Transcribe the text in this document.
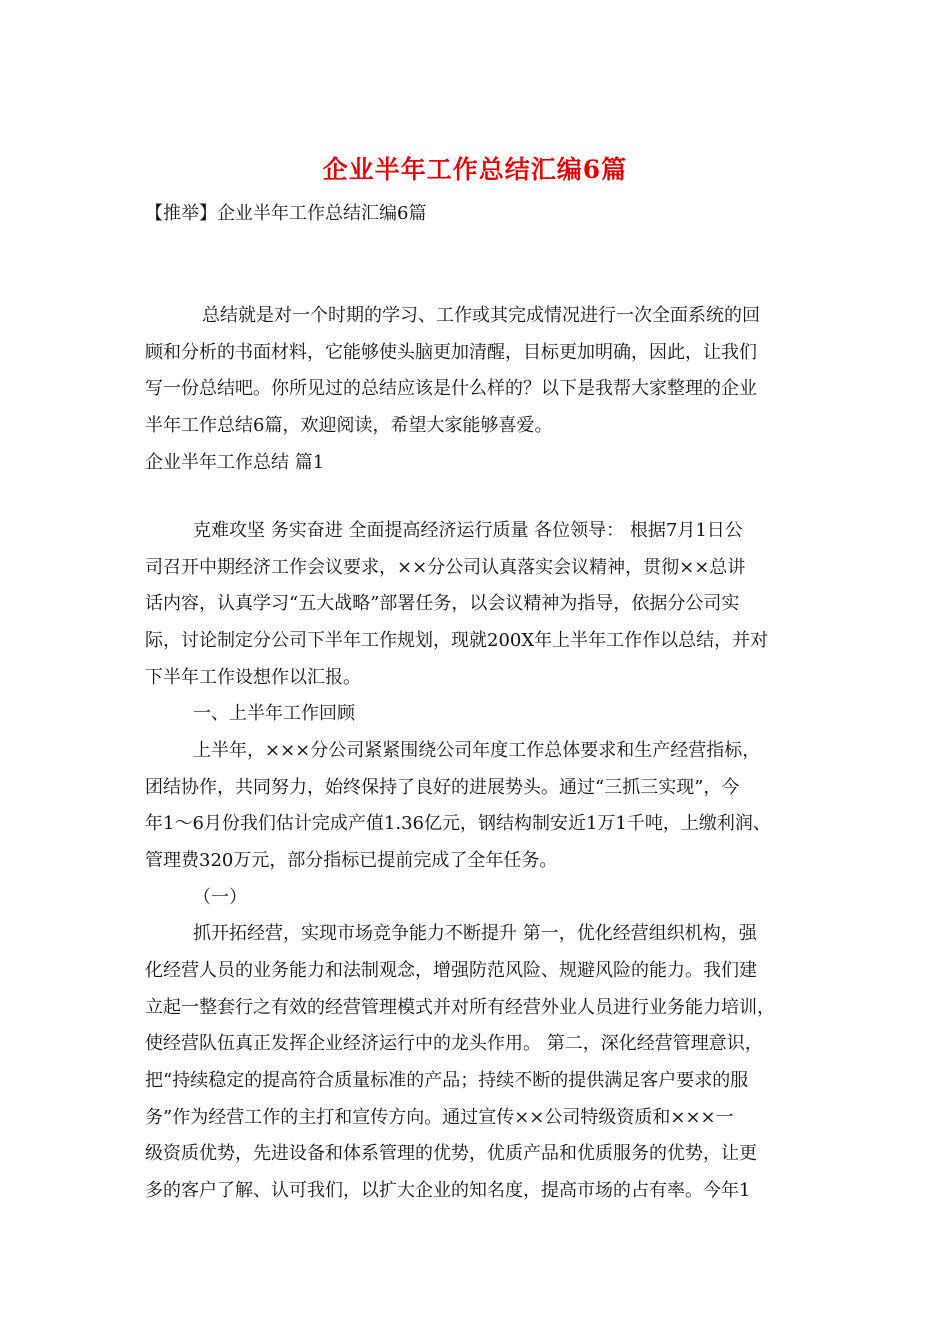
企业半年工作总结汇编6篇
【推举】企业半年工作总结汇编6篇
总结就是对一个时期的学习、工作或其完成情况进行一次全面系统的回
顾和分析的书面材料，它能够使头脑更加清醒，目标更加明确，因此，让我们
写一份总结吧。你所见过的总结应该是什么样的？以下是我帮大家整理的企业
半年工作总结6篇，欢迎阅读，希望大家能够喜爱。
企业半年工作总结 篇1
克难攻坚 务实奋进 全面提高经济运行质量 各位领导： 根据7月1日公
司召开中期经济工作会议要求，××分公司认真落实会议精神，贯彻××总讲
话内容，认真学习“五大战略”部署任务，以会议精神为指导，依据分公司实
际，讨论制定分公司下半年工作规划，现就200X年上半年工作作以总结，并对
下半年工作设想作以汇报。
一、上半年工作回顾
上半年，×××分公司紧紧围绕公司年度工作总体要求和生产经营指标，
团结协作，共同努力，始终保持了良好的进展势头。通过“三抓三实现”，今
年1～6月份我们估计完成产值1.36亿元，钢结构制安近1万1千吨，上缴利润、
管理费320万元，部分指标已提前完成了全年任务。
（一）
抓开拓经营，实现市场竞争能力不断提升 第一，优化经营组织机构，强
化经营人员的业务能力和法制观念，增强防范风险、规避风险的能力。我们建
立起一整套行之有效的经营管理模式并对所有经营外业人员进行业务能力培训，
使经营队伍真正发挥企业经济运行中的龙头作用。 第二，深化经营管理意识，
把“持续稳定的提高符合质量标准的产品；持续不断的提供满足客户要求的服
务”作为经营工作的主打和宣传方向。通过宣传××公司特级资质和×××一
级资质优势，先进设备和体系管理的优势，优质产品和优质服务的优势，让更
多的客户了解、认可我们，以扩大企业的知名度，提高市场的占有率。今年1
